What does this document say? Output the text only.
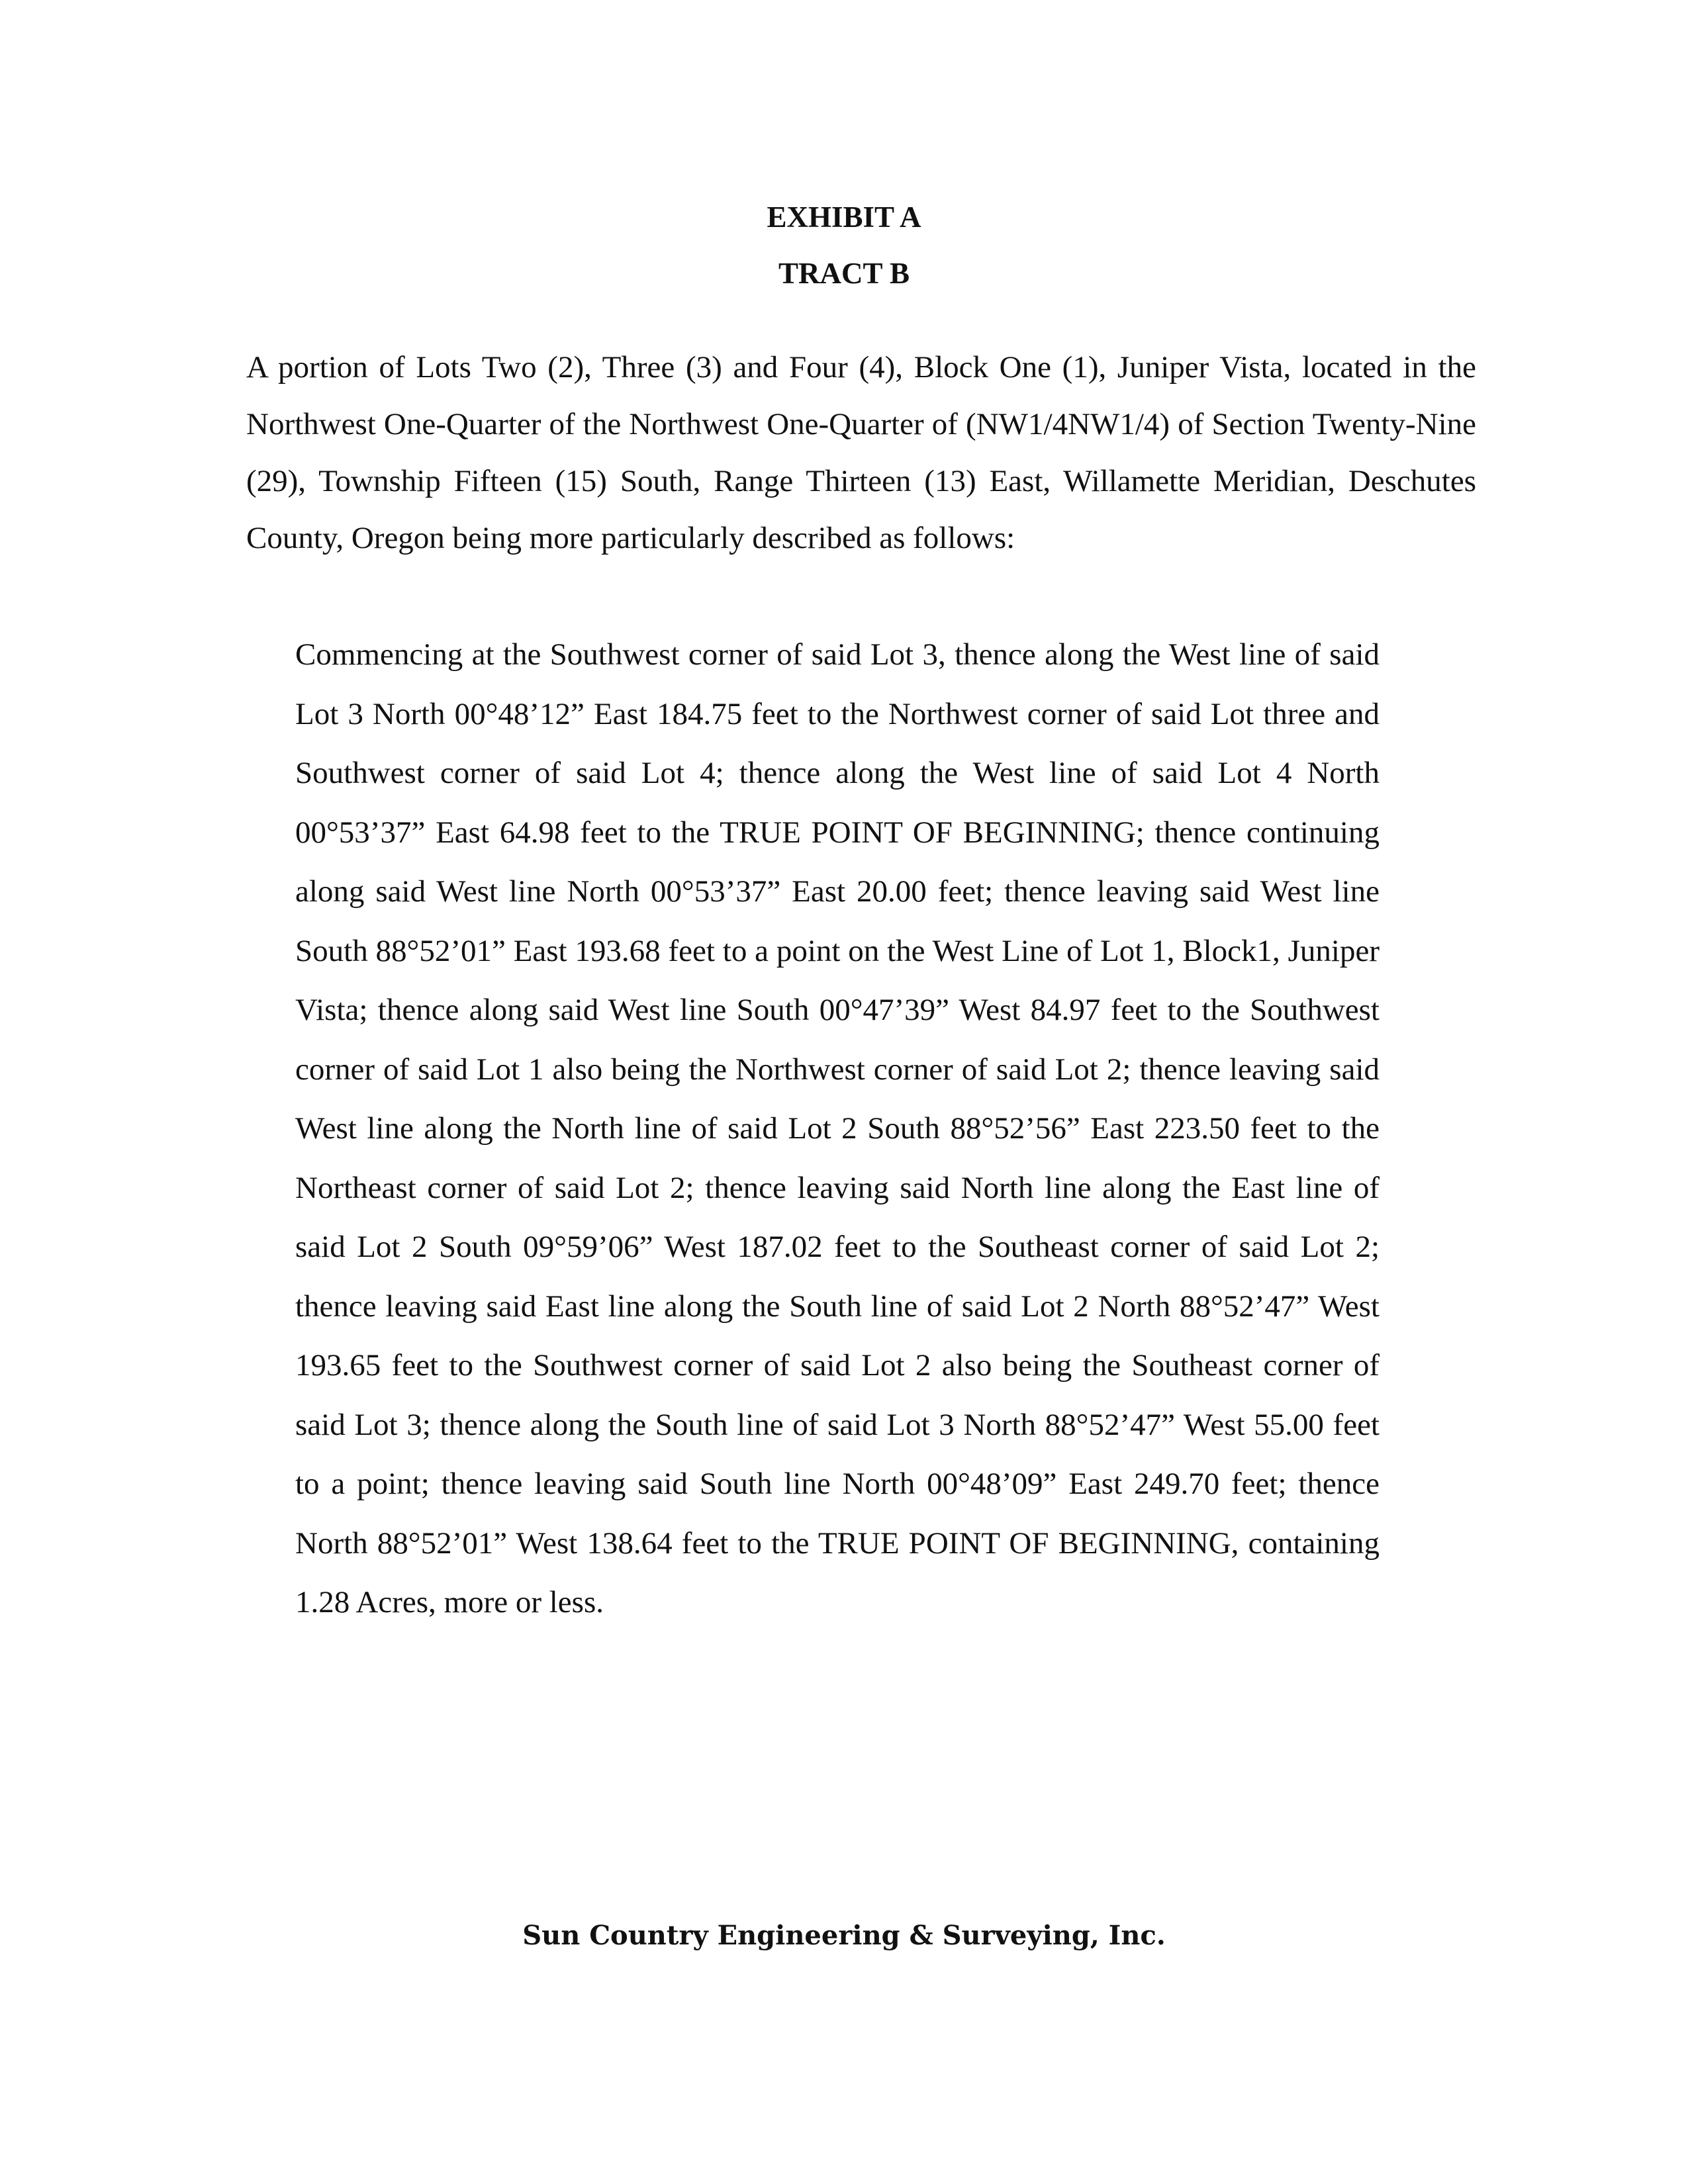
EXHIBIT A
TRACT B

A portion of Lots Two (2), Three (3) and Four (4), Block One (1), Juniper Vista, located in the Northwest One-Quarter of the Northwest One-Quarter of (NW1/4NW1/4) of Section Twenty-Nine (29), Township Fifteen (15) South, Range Thirteen (13) East, Willamette Meridian, Deschutes County, Oregon being more particularly described as follows:

Commencing at the Southwest corner of said Lot 3, thence along the West line of said Lot 3 North 00°48’12” East 184.75 feet to the Northwest corner of said Lot three and Southwest corner of said Lot 4; thence along the West line of said Lot 4 North 00°53’37” East 64.98 feet to the TRUE POINT OF BEGINNING; thence continuing along said West line North 00°53’37” East 20.00 feet; thence leaving said West line South 88°52’01” East 193.68 feet to a point on the West Line of Lot 1, Block1, Juniper Vista; thence along said West line South 00°47’39” West 84.97 feet to the Southwest corner of said Lot 1 also being the Northwest corner of said Lot 2; thence leaving said West line along the North line of said Lot 2 South 88°52’56” East 223.50 feet to the Northeast corner of said Lot 2; thence leaving said North line along the East line of said Lot 2 South 09°59’06” West 187.02 feet to the Southeast corner of said Lot 2; thence leaving said East line along the South line of said Lot 2 North 88°52’47” West 193.65 feet to the Southwest corner of said Lot 2 also being the Southeast corner of said Lot 3; thence along the South line of said Lot 3 North 88°52’47” West 55.00 feet to a point; thence leaving said South line North 00°48’09” East 249.70 feet; thence North 88°52’01” West 138.64 feet to the TRUE POINT OF BEGINNING, containing 1.28 Acres, more or less.

Sun Country Engineering & Surveying, Inc.
